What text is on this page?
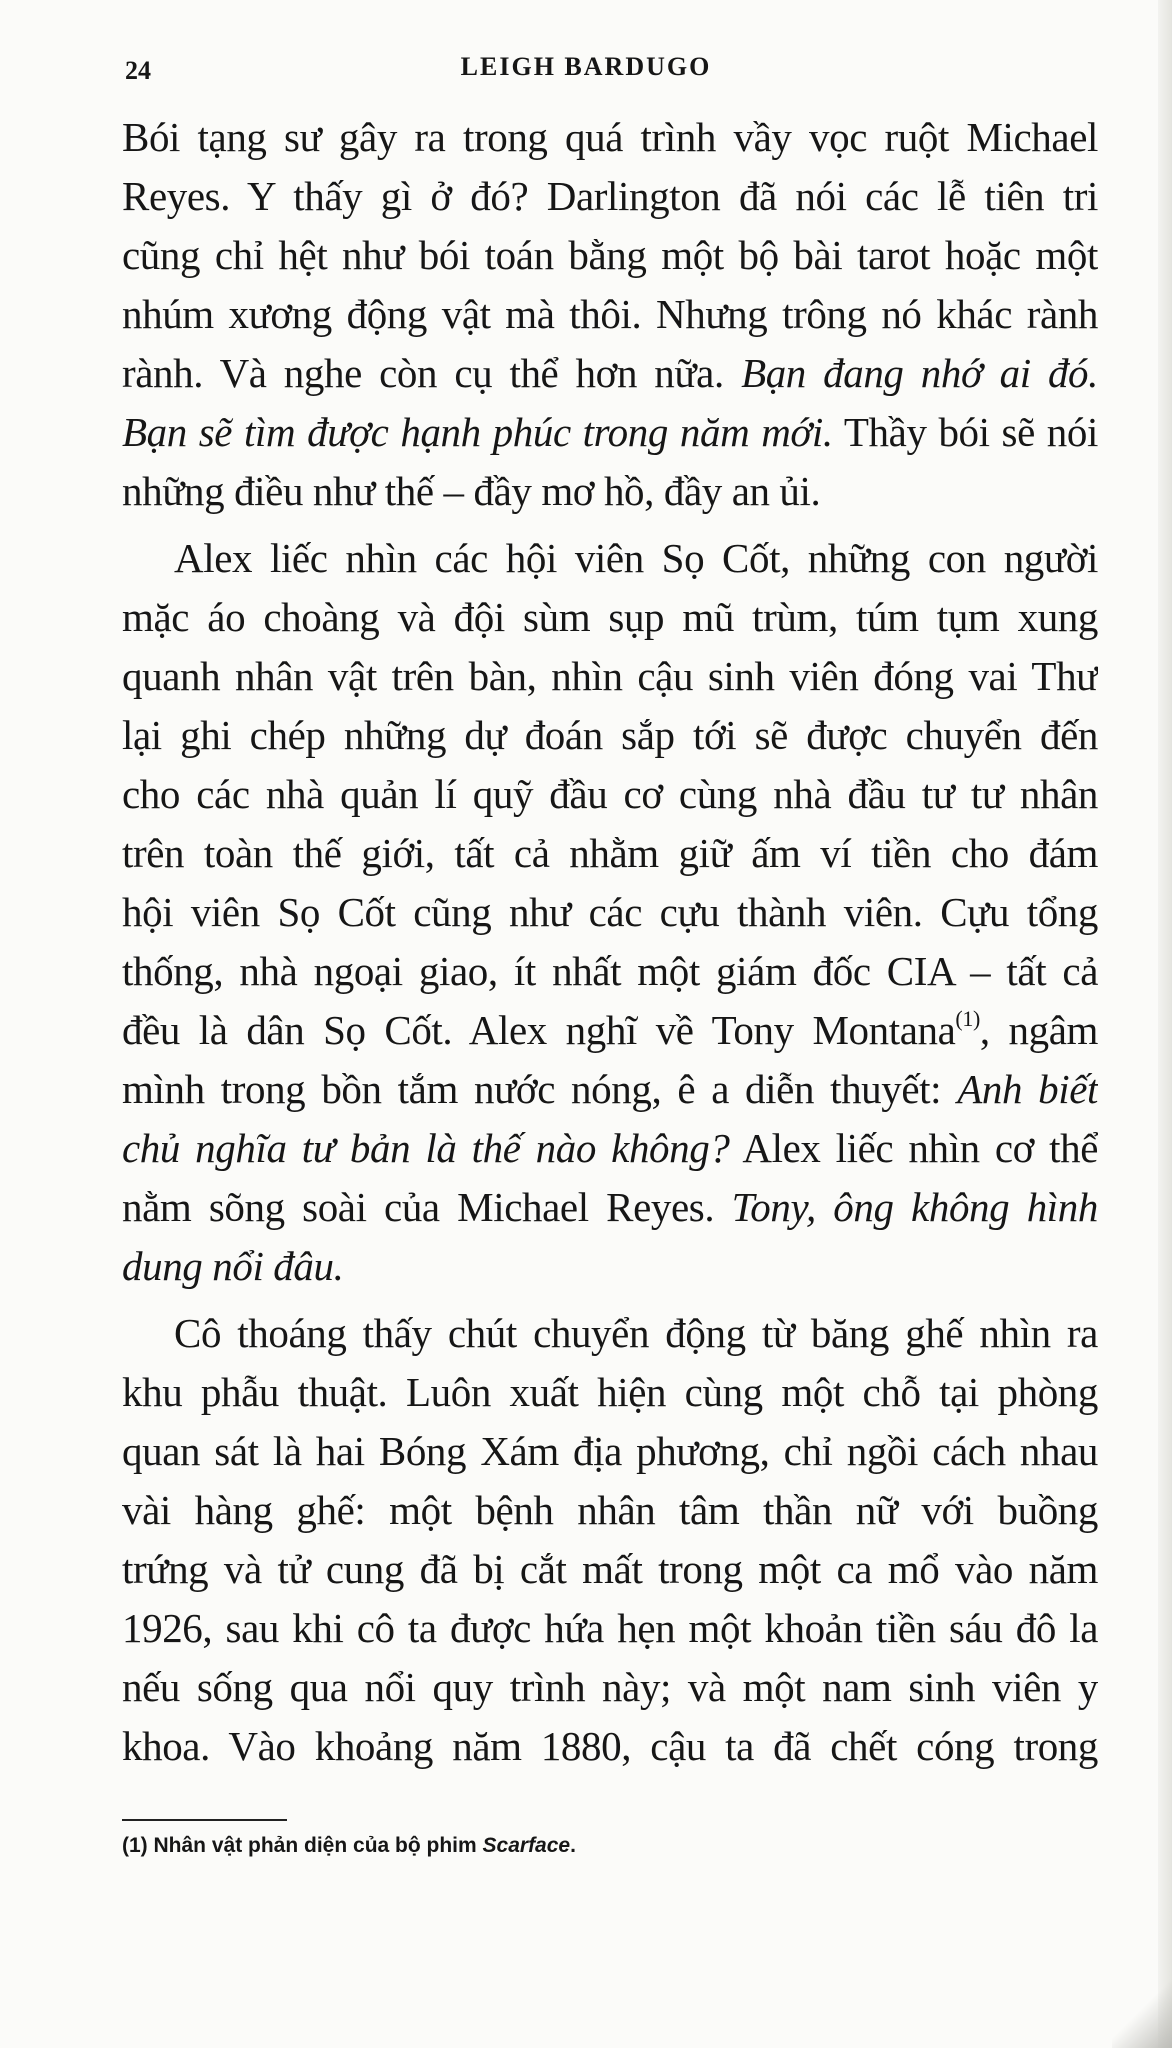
24	LEIGH BARDUGO
Bói tạng sư gây ra trong quá trình vầy vọc ruột Michael
Reyes. Y thấy gì ở đó? Darlington đã nói các lễ tiên tri
cũng chỉ hệt như bói toán bằng một bộ bài tarot hoặc một
nhúm xương động vật mà thôi. Nhưng trông nó khác rành
rành. Và nghe còn cụ thể hơn nữa. Bạn đang nhớ ai đó.
Bạn sẽ tìm được hạnh phúc trong năm mới. Thầy bói sẽ nói
những điều như thế – đầy mơ hồ, đầy an ủi.
Alex liếc nhìn các hội viên Sọ Cốt, những con người
mặc áo choàng và đội sùm sụp mũ trùm, túm tụm xung
quanh nhân vật trên bàn, nhìn cậu sinh viên đóng vai Thư
lại ghi chép những dự đoán sắp tới sẽ được chuyển đến
cho các nhà quản lí quỹ đầu cơ cùng nhà đầu tư tư nhân
trên toàn thế giới, tất cả nhằm giữ ấm ví tiền cho đám
hội viên Sọ Cốt cũng như các cựu thành viên. Cựu tổng
thống, nhà ngoại giao, ít nhất một giám đốc CIA – tất cả
đều là dân Sọ Cốt. Alex nghĩ về Tony Montana$^{(1)}$, ngâm
mình trong bồn tắm nước nóng, ê a diễn thuyết: Anh biết
chủ nghĩa tư bản là thế nào không? Alex liếc nhìn cơ thể
nằm sõng soài của Michael Reyes. Tony, ông không hình
dung nổi đâu.
Cô thoáng thấy chút chuyển động từ băng ghế nhìn ra
khu phẫu thuật. Luôn xuất hiện cùng một chỗ tại phòng
quan sát là hai Bóng Xám địa phương, chỉ ngồi cách nhau
vài hàng ghế: một bệnh nhân tâm thần nữ với buồng
trứng và tử cung đã bị cắt mất trong một ca mổ vào năm
1926, sau khi cô ta được hứa hẹn một khoản tiền sáu đô la
nếu sống qua nổi quy trình này; và một nam sinh viên y
khoa. Vào khoảng năm 1880, cậu ta đã chết cóng trong
(1) Nhân vật phản diện của bộ phim Scarface.
